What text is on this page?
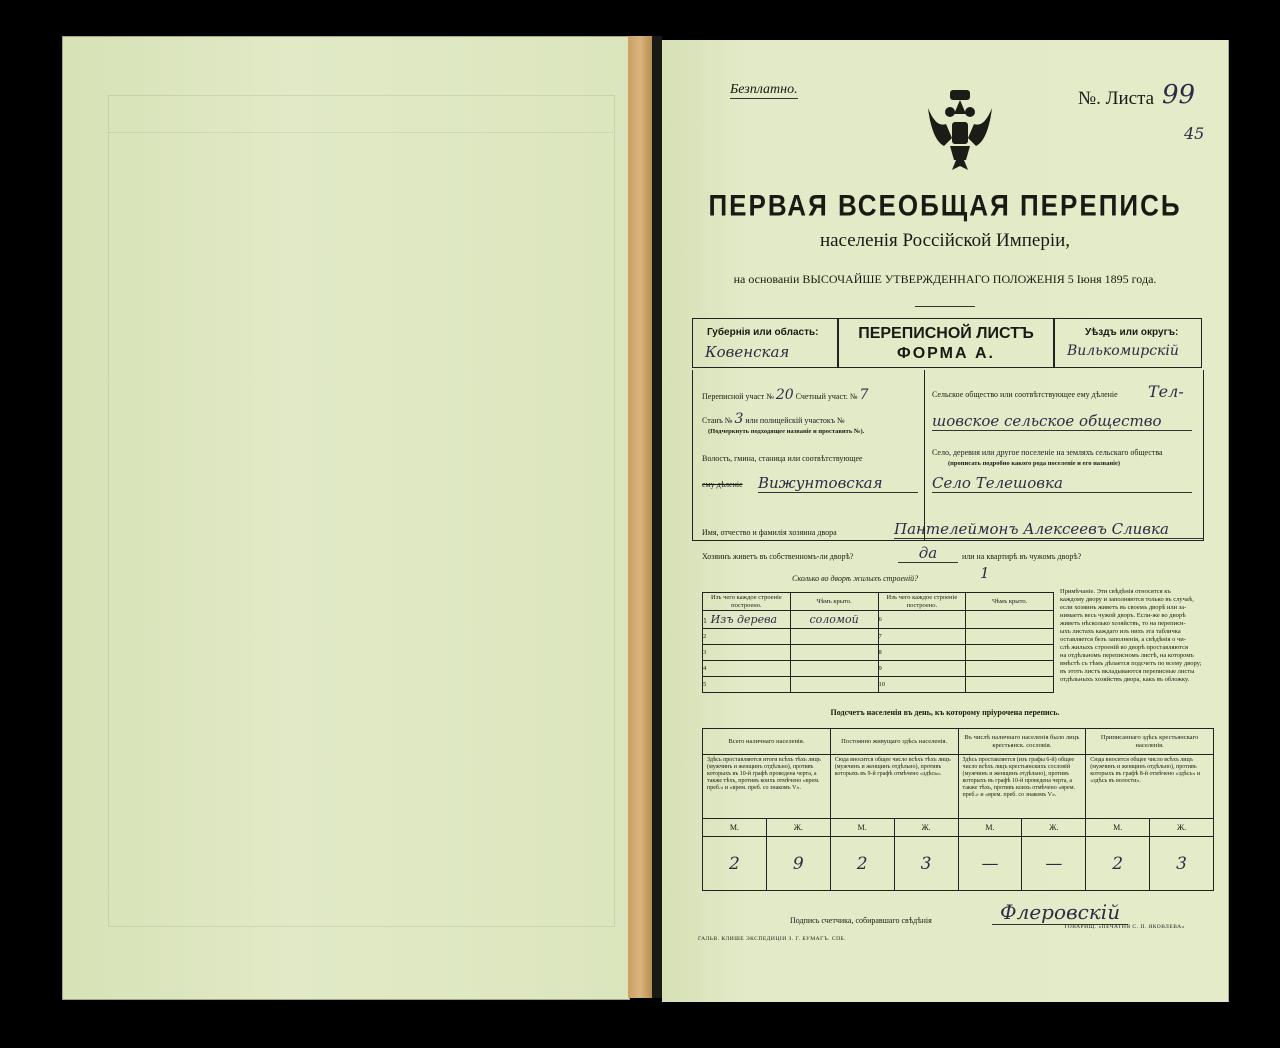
Безплатно.	№. Листа 99
45
ПЕРВАЯ ВСЕОБЩАЯ ПЕРЕПИСЬ
населенія Россійской Имперіи,
на основаніи ВЫСОЧАЙШЕ УТВЕРЖДЕННАГО ПОЛОЖЕНІЯ 5 Іюня 1895 года.
Губернія или область:
Ковенская
ПЕРЕПИСНОЙ ЛИСТЪ
ФОРМА А.
Уѣздъ или округъ:
Вилькомирскій
Переписной участ № 20 Счетный участ. № 7
Станъ № 3 или полицейскій участокъ №
(Подчеркнуть подходящее названіе и проставить №).
Волость, гмина, станица или соотвѣтствующее
ему дѣленіе Вижунтовская
Сельское общество или соотвѣтствующее ему дѣленіе Тел-
шовское сельское общество
Село, деревня или другое поселеніе на земляхъ сельскаго общества
(прописать подробно какого рода поселеніе и его названіе)
Село Телешовка
Имя, отчество и фамилія хозяина двора	Пантелеймонъ Алексеевъ Сливка
Хозяинъ живетъ въ собственномъ-ли дворѣ?	да	или на квартирѣ въ чужомъ дворѣ?
Сколько во дворѣ жилыхъ строеній?	1
Изъ чего каждое строеніе построено.	Чѣмъ крыто.	Изъ чего каждое строеніе построено.	Чѣмъ крыто.
1 Изъ дерева	соломой	6	
2		7	
3		8	
4		9	
5		10	
Примѣчаніе. Эти свѣдѣнія относятся къ
каждому двору и заполняются только въ случаѣ,
если хозяинъ живетъ въ своемъ дворѣ или за-
нимаетъ весь чужой дворъ. Если-же во дворѣ
живетъ нѣсколько хозяйствъ, то на переписн-
ыхъ листахъ каждаго изъ нихъ эта табличка
оставляется безъ заполненія, а свѣдѣнія о чи-
слѣ жилыхъ строеній во дворѣ проставляются
на отдѣльномъ переписномъ листѣ, на которомъ
вмѣстѣ съ тѣмъ дѣлается подсчетъ по всему двору;
въ этотъ листъ вкладываются переписные листы
отдѣльныхъ хозяйствъ двора, какъ въ обложку.
Подсчетъ населенія въ день, къ которому пріурочена перепись.
Всего наличнаго населенія.		Постоянно живущаго здѣсь населенія.		Въ числѣ наличнаго населенія было лицъ крестьянск. сословія.		Приписаннаго здѣсь крестьянскаго населенія.	

Здѣсь проставляются итоги всѣхъ тѣхъ лицъ (мужчинъ и женщинъ отдѣльно), противъ которыхъ въ 10-й графѣ проведена черта, а также тѣхъ, противъ коихъ отмѣчено «врем. преб.» и «врем. преб. со знакомъ V».		Сюда вносится общее число всѣхъ тѣхъ лицъ (мужчинъ и женщинъ отдѣльно), противъ которыхъ въ 9-й графѣ отмѣчено «здѣсь».		Здѣсь проставляется (изъ графы 6-й) общее число всѣхъ лицъ крестьянскихъ сословій (мужчинъ и женщинъ отдѣльно), противъ которыхъ въ графѣ 10-й проведена черта, а также тѣхъ, противъ коихъ отмѣчено «врем. преб.» и «врем. преб. со знакомъ V».		Сюда вносится общее число всѣхъ лицъ (мужчинъ и женщинъ отдѣльно), противъ которыхъ въ графѣ 8-й отмѣчено «здѣсь» и «здѣсь въ волости».	

М.	Ж.	М.	Ж.	М.	Ж.	М.	Ж.
2	9	2	3	—	—	2	3
Подпись счетчика, собиравшаго свѣдѣнія	Флеровскій
ГАЛЬВ. КЛИШЕ ЭКСПЕДИЦІИ З. Г. БУМАГЪ. СПБ.
ТОВАРИЩ. «ПЕЧАТНЯ С. П. ЯКОВЛЕВА»
